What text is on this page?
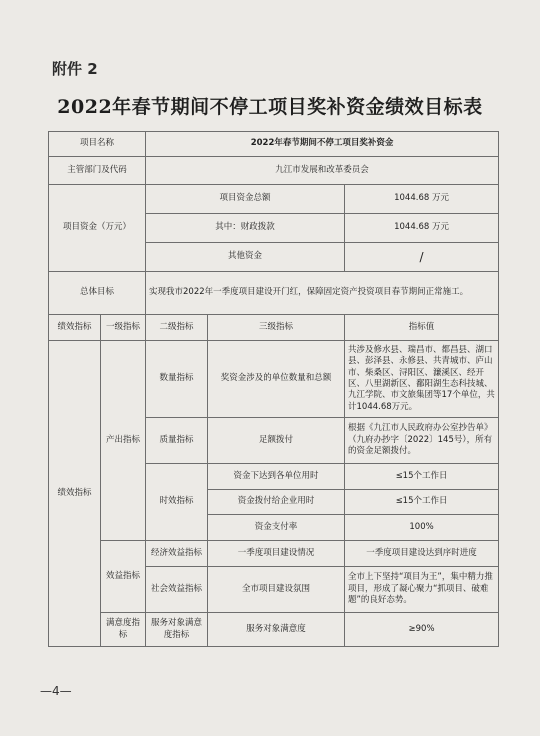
附件 2
2022年春节期间不停工项目奖补资金绩效目标表
项目名称		2022年春节期间不停工项目奖补资金		
主管部门及代码		九江市发展和改革委员会		
项目资金（万元）		项目资金总额		1044.68 万元
		其中：财政拨款		1044.68 万元
		其他资金		/
总体目标		实现我市2022年一季度项目建设开门红，保障固定资产投资项目春节期间正常施工。		
绩效指标	一级指标	二级指标	三级指标	指标值
绩效指标	产出指标	数量指标	奖资金涉及的单位数量和总额	共涉及修水县、瑞昌市、都昌县、湖口县、彭泽县、永修县、共青城市、庐山市、柴桑区、浔阳区、濂溪区、经开区、八里湖新区、鄱阳湖生态科技城、九江学院、市文旅集团等17个单位，共计1044.68万元。
		质量指标	足额拨付	根据《九江市人民政府办公室抄告单》（九府办抄字〔2022〕145号），所有的资金足额拨付。
		时效指标	资金下达到各单位用时	≤15个工作日
			资金拨付给企业用时	≤15个工作日
			资金支付率	100%
	效益指标	经济效益指标	一季度项目建设情况	一季度项目建设达到序时进度
		社会效益指标	全市项目建设氛围	全市上下坚持“项目为王”，集中精力推项目，形成了凝心聚力“抓项目、破难题”的良好态势。
	满意度指标	服务对象满意度指标	服务对象满意度	≥90%
—4—
